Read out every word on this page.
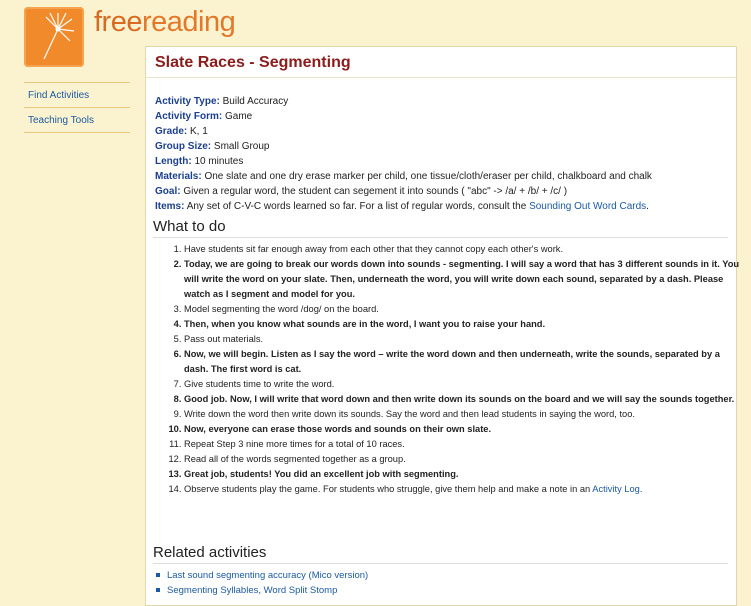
freereading
Find Activities
Teaching Tools
Slate Races - Segmenting
Activity Type: Build Accuracy
Activity Form: Game
Grade: K, 1
Group Size: Small Group
Length: 10 minutes
Materials: One slate and one dry erase marker per child, one tissue/cloth/eraser per child, chalkboard and chalk
Goal: Given a regular word, the student can segement it into sounds ( "abc" -> /a/ + /b/ + /c/ )
Items: Any set of C-V-C words learned so far. For a list of regular words, consult the Sounding Out Word Cards.
What to do
1. Have students sit far enough away from each other that they cannot copy each other's work.
2. Today, we are going to break our words down into sounds - segmenting. I will say a word that has 3 different sounds in it. You will write the word on your slate. Then, underneath the word, you will write down each sound, separated by a dash. Please watch as I segment and model for you.
3. Model segmenting the word /dog/ on the board.
4. Then, when you know what sounds are in the word, I want you to raise your hand.
5. Pass out materials.
6. Now, we will begin. Listen as I say the word – write the word down and then underneath, write the sounds, separated by a dash. The first word is cat.
7. Give students time to write the word.
8. Good job. Now, I will write that word down and then write down its sounds on the board and we will say the sounds together.
9. Write down the word then write down its sounds. Say the word and then lead students in saying the word, too.
10. Now, everyone can erase those words and sounds on their own slate.
11. Repeat Step 3 nine more times for a total of 10 races.
12. Read all of the words segmented together as a group.
13. Great job, students! You did an excellent job with segmenting.
14. Observe students play the game. For students who struggle, give them help and make a note in an Activity Log.
Related activities
Last sound segmenting accuracy (Mico version)
Segmenting Syllables, Word Split Stomp
